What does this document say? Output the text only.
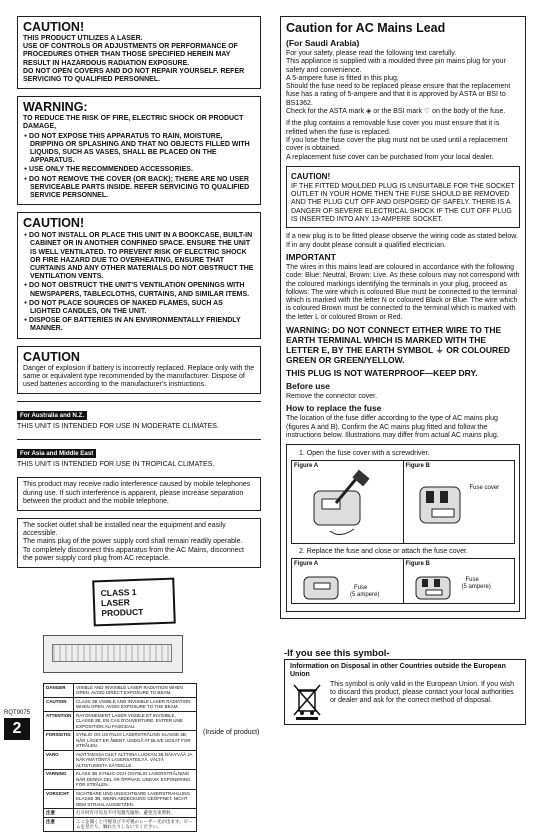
CAUTION!
THIS PRODUCT UTILIZES A LASER.
USE OF CONTROLS OR ADJUSTMENTS OR PERFORMANCE OF PROCEDURES OTHER THAN THOSE SPECIFIED HEREIN MAY RESULT IN HAZARDOUS RADIATION EXPOSURE.
DO NOT OPEN COVERS AND DO NOT REPAIR YOURSELF. REFER SERVICING TO QUALIFIED PERSONNEL.
WARNING:
TO REDUCE THE RISK OF FIRE, ELECTRIC SHOCK OR PRODUCT DAMAGE,
● DO NOT EXPOSE THIS APPARATUS TO RAIN, MOISTURE, DRIPPING OR SPLASHING AND THAT NO OBJECTS FILLED WITH LIQUIDS, SUCH AS VASES, SHALL BE PLACED ON THE APPARATUS.
● USE ONLY THE RECOMMENDED ACCESSORIES.
● DO NOT REMOVE THE COVER (OR BACK); THERE ARE NO USER SERVICEABLE PARTS INSIDE. REFER SERVICING TO QUALIFIED SERVICE PERSONNEL.
CAUTION!
● DO NOT INSTALL OR PLACE THIS UNIT IN A BOOKCASE, BUILT-IN CABINET OR IN ANOTHER CONFINED SPACE. ENSURE THE UNIT IS WELL VENTILATED. TO PREVENT RISK OF ELECTRIC SHOCK OR FIRE HAZARD DUE TO OVERHEATING, ENSURE THAT CURTAINS AND ANY OTHER MATERIALS DO NOT OBSTRUCT THE VENTILATION VENTS.
● DO NOT OBSTRUCT THE UNIT'S VENTILATION OPENINGS WITH NEWSPAPERS, TABLECLOTHS, CURTAINS, AND SIMILAR ITEMS.
● DO NOT PLACE SOURCES OF NAKED FLAMES, SUCH AS LIGHTED CANDLES, ON THE UNIT.
● DISPOSE OF BATTERIES IN AN ENVIRONMENTALLY FRIENDLY MANNER.
CAUTION
Danger of explosion if battery is incorrectly replaced. Replace only with the same or equivalent type recommended by the manufacturer. Dispose of used batteries according to the manufacturer's instructions.
For Australia and N.Z.
THIS UNIT IS INTENDED FOR USE IN MODERATE CLIMATES.
For Asia and Middle East
THIS UNIT IS INTENDED FOR USE IN TROPICAL CLIMATES.
This product may receive radio interference caused by mobile telephones during use. If such interference is apparent, please increase separation between the product and the mobile telephone.
The socket outlet shall be installed near the equipment and easily accessible.
The mains plug of the power supply cord shall remain readily operable.
To completely disconnect this apparatus from the AC Mains, disconnect the power supply cord plug from AC receptacle.
CLASS 1
LASER PRODUCT
DANGER	VISIBLE AND INVISIBLE LASER RADIATION WHEN OPEN. AVOID DIRECT EXPOSURE TO BEAM.
CAUTION	CLASS 3B VISIBLE AND INVISIBLE LASER RADIATION WHEN OPEN. AVOID EXPOSURE TO THE BEAM.
ATTENTION	RAYONNEMENT LASER VISIBLE ET INVISIBLE, CLASSE 3B, EN CAS D'OUVERTURE. EVITER UNE EXPOSITION AU FAISCEAU.
FORSIGTIG	SYNLIG OG USYNLIG LASERSTRÅLING KLASSE 3B, NÅR LÅGET ER ÅBENT. UNDGÅ AT BLIVE UDSAT FOR STRÅLEN.
VARO	AVATTAESSA OLET ALTTIINA LUOKAN 3B NÄKYVÄÄ JA NÄKYMÄTÖNTÄ LASERSÄTEILYÄ. VÄLTÄ ALTISTUMISTA SÄTEELLE.
VARNING	KLASS 3B SYNLIG OCH OSYNLIG LASERSTRÅLNING NÄR DENNA DEL ÄR ÖPPNAD. UNDVIK EXPONERING FÖR STRÅLEN.
VORSICHT	SICHTBARE UND UNSICHTBARE LASERSTRAHLUNG KLASSE 3B, WENN ABDECKUNG GEÖFFNET. NICHT DEM STRAHL AUSSETZEN.
注意	打开时有可见及不可见激光辐射。避免光束照射。
注意	ここを開くと可視及び不可視のレーザー光が出ます。ビームを見たり、触れたりしないでください。
(Inside of product)
RQT9075
2
Caution for AC Mains Lead
(For Saudi Arabia)
For your safety, please read the following text carefully.
This appliance is supplied with a moulded three pin mains plug for your safety and convenience.
A 5-ampere fuse is fitted in this plug.
Should the fuse need to be replaced please ensure that the replacement fuse has a rating of 5-ampere and that it is approved by ASTA or BSI to BS1362.
Check for the ASTA mark ◈ or the BSI mark ♡ on the body of the fuse.
If the plug contains a removable fuse cover you must ensure that it is refitted when the fuse is replaced.
If you lose the fuse cover the plug must not be used until a replacement cover is obtained.
A replacement fuse cover can be purchased from your local dealer.
CAUTION!
IF THE FITTED MOULDED PLUG IS UNSUITABLE FOR THE SOCKET OUTLET IN YOUR HOME THEN THE FUSE SHOULD BE REMOVED AND THE PLUG CUT OFF AND DISPOSED OF SAFELY. THERE IS A DANGER OF SEVERE ELECTRICAL SHOCK IF THE CUT OFF PLUG IS INSERTED INTO ANY 13-AMPERE SOCKET.
If a new plug is to be fitted please observe the wiring code as stated below.
If in any doubt please consult a qualified electrician.
IMPORTANT
The wires in this mains lead are coloured in accordance with the following code: Blue: Neutral, Brown: Live. As these colours may not correspond with the coloured markings identifying the terminals in your plug, proceed as follows: The wire which is coloured Blue must be connected to the terminal which is marked with the letter N or coloured Black or Blue. The wire which is coloured Brown must be connected to the terminal which is marked with the letter L or coloured Brown or Red.
WARNING: DO NOT CONNECT EITHER WIRE TO THE EARTH TERMINAL WHICH IS MARKED WITH THE LETTER E, BY THE EARTH SYMBOL ⏚ OR COLOURED GREEN OR GREEN/YELLOW.
THIS PLUG IS NOT WATERPROOF—KEEP DRY.
Before use
Remove the connector cover.
How to replace the fuse
The location of the fuse differ according to the type of AC mains plug (figures A and B). Confirm the AC mains plug fitted and follow the instructions below. Illustrations may differ from actual AC mains plug.
1. Open the fuse cover with a screwdriver.
Figure A	Figure B
Fuse cover
2. Replace the fuse and close or attach the fuse cover.
Figure A
Fuse
(5 ampere)
Figure B
Fuse
(5 ampere)
-If you see this symbol-
Information on Disposal in other Countries outside the European Union
This symbol is only valid in the European Union. If you wish to discard this product, please contact your local authorities or dealer and ask for the correct method of disposal.
